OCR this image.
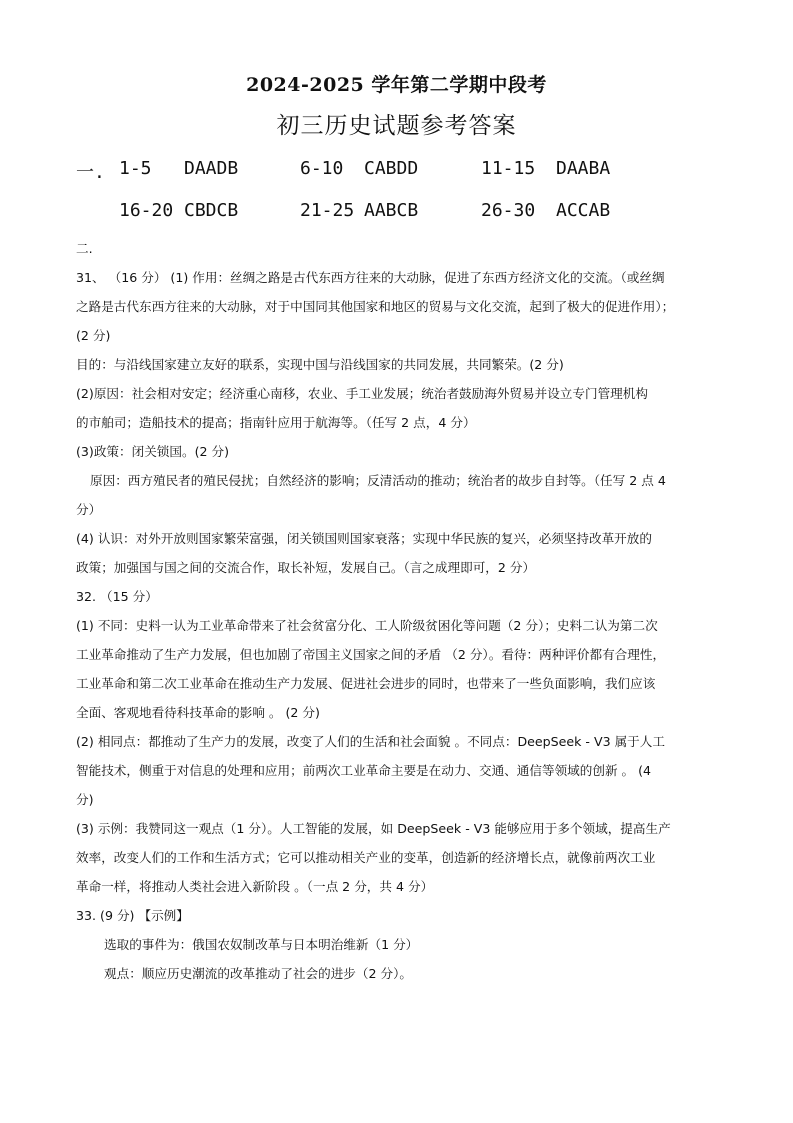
2024-2025 学年第二学期中段考
初三历史试题参考答案
一. 1-5 DAADB	6-10 CABDD	11-15 DAABA
16-20 CBDCB	21-25 AABCB	26-30 ACCAB

二.

31、 （16 分） (1) 作用：丝绸之路是古代东西方往来的大动脉，促进了东西方经济文化的交流。（或丝绸

之路是古代东西方往来的大动脉，对于中国同其他国家和地区的贸易与文化交流，起到了极大的促进作用）；

(2 分)

目的：与沿线国家建立友好的联系，实现中国与沿线国家的共同发展，共同繁荣。(2 分)

(2)原因：社会相对安定；经济重心南移，农业、手工业发展；统治者鼓励海外贸易并设立专门管理机构

的市舶司；造船技术的提高；指南针应用于航海等。（任写 2 点，4 分）

(3)政策：闭关锁国。(2 分)

原因：西方殖民者的殖民侵扰；自然经济的影响；反清活动的推动；统治者的故步自封等。（任写 2 点 4

分）

(4) 认识：对外开放则国家繁荣富强，闭关锁国则国家衰落；实现中华民族的复兴，必须坚持改革开放的

政策；加强国与国之间的交流合作，取长补短，发展自己。（言之成理即可，2 分）

32. （15 分）

(1) 不同：史料一认为工业革命带来了社会贫富分化、工人阶级贫困化等问题（2 分）；史料二认为第二次

工业革命推动了生产力发展，但也加剧了帝国主义国家之间的矛盾 （2 分）。看待：两种评价都有合理性，

工业革命和第二次工业革命在推动生产力发展、促进社会进步的同时，也带来了一些负面影响，我们应该

全面、客观地看待科技革命的影响 。 (2 分)

(2) 相同点：都推动了生产力的发展，改变了人们的生活和社会面貌 。不同点：DeepSeek - V3 属于人工

智能技术，侧重于对信息的处理和应用；前两次工业革命主要是在动力、交通、通信等领域的创新 。 (4

分)

(3) 示例：我赞同这一观点（1 分）。人工智能的发展，如 DeepSeek - V3 能够应用于多个领域，提高生产

效率，改变人们的工作和生活方式；它可以推动相关产业的变革，创造新的经济增长点，就像前两次工业

革命一样，将推动人类社会进入新阶段 。（一点 2 分，共 4 分）

33. (9 分) 【示例】

选取的事件为：俄国农奴制改革与日本明治维新（1 分）

观点：顺应历史潮流的改革推动了社会的进步（2 分）。
